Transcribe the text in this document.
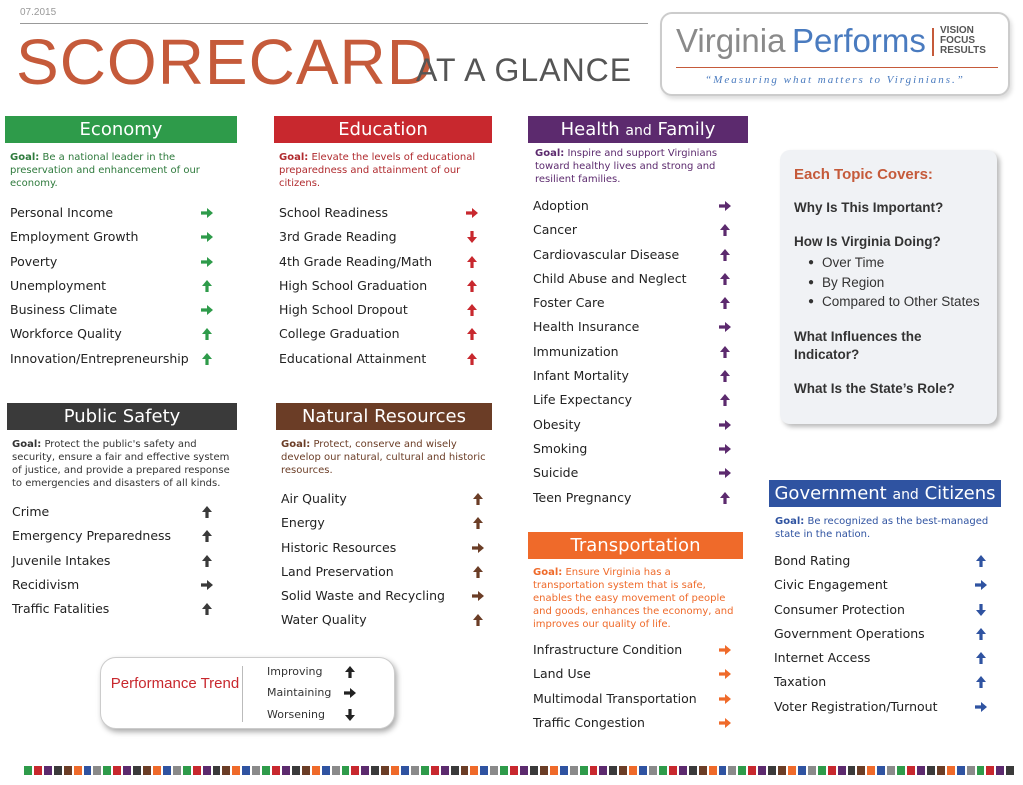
07.2015
SCORECARD
AT A GLANCE
Virginia Performs VISION
FOCUS
RESULTS
“Measuring what matters to Virginians.”
Economy
Goal: Be a national leader in the preservation and enhancement of our economy.
Personal Income
Employment Growth
Poverty
Unemployment
Business Climate
Workforce Quality
Innovation/Entrepreneurship
Education
Goal: Elevate the levels of educational preparedness and attainment of our citizens.
School Readiness
3rd Grade Reading
4th Grade Reading/Math
High School Graduation
High School Dropout
College Graduation
Educational Attainment
Health and Family
Goal: Inspire and support Virginians toward healthy lives and strong and resilient families.
Adoption
Cancer
Cardiovascular Disease
Child Abuse and Neglect
Foster Care
Health Insurance
Immunization
Infant Mortality
Life Expectancy
Obesity
Smoking
Suicide
Teen Pregnancy
Public Safety
Goal: Protect the public's safety and security, ensure a fair and effective system of justice, and provide a prepared response to emergencies and disasters of all kinds.
Crime
Emergency Preparedness
Juvenile Intakes
Recidivism
Traffic Fatalities
Natural Resources
Goal: Protect, conserve and wisely develop our natural, cultural and historic resources.
Air Quality
Energy
Historic Resources
Land Preservation
Solid Waste and Recycling
Water Quality
Transportation
Goal: Ensure Virginia has a transportation system that is safe, enables the easy movement of people and goods, enhances the economy, and improves our quality of life.
Infrastructure Condition
Land Use
Multimodal Transportation
Traffic Congestion
Government and Citizens
Goal: Be recognized as the best-managed state in the nation.
Bond Rating
Civic Engagement
Consumer Protection
Government Operations
Internet Access
Taxation
Voter Registration/Turnout
Each Topic Covers:
Why Is This Important?
How Is Virginia Doing?
● Over Time
● By Region
● Compared to Other States
What Influences the Indicator?
What Is the State’s Role?
Performance Trend
Improving
Maintaining
Worsening
